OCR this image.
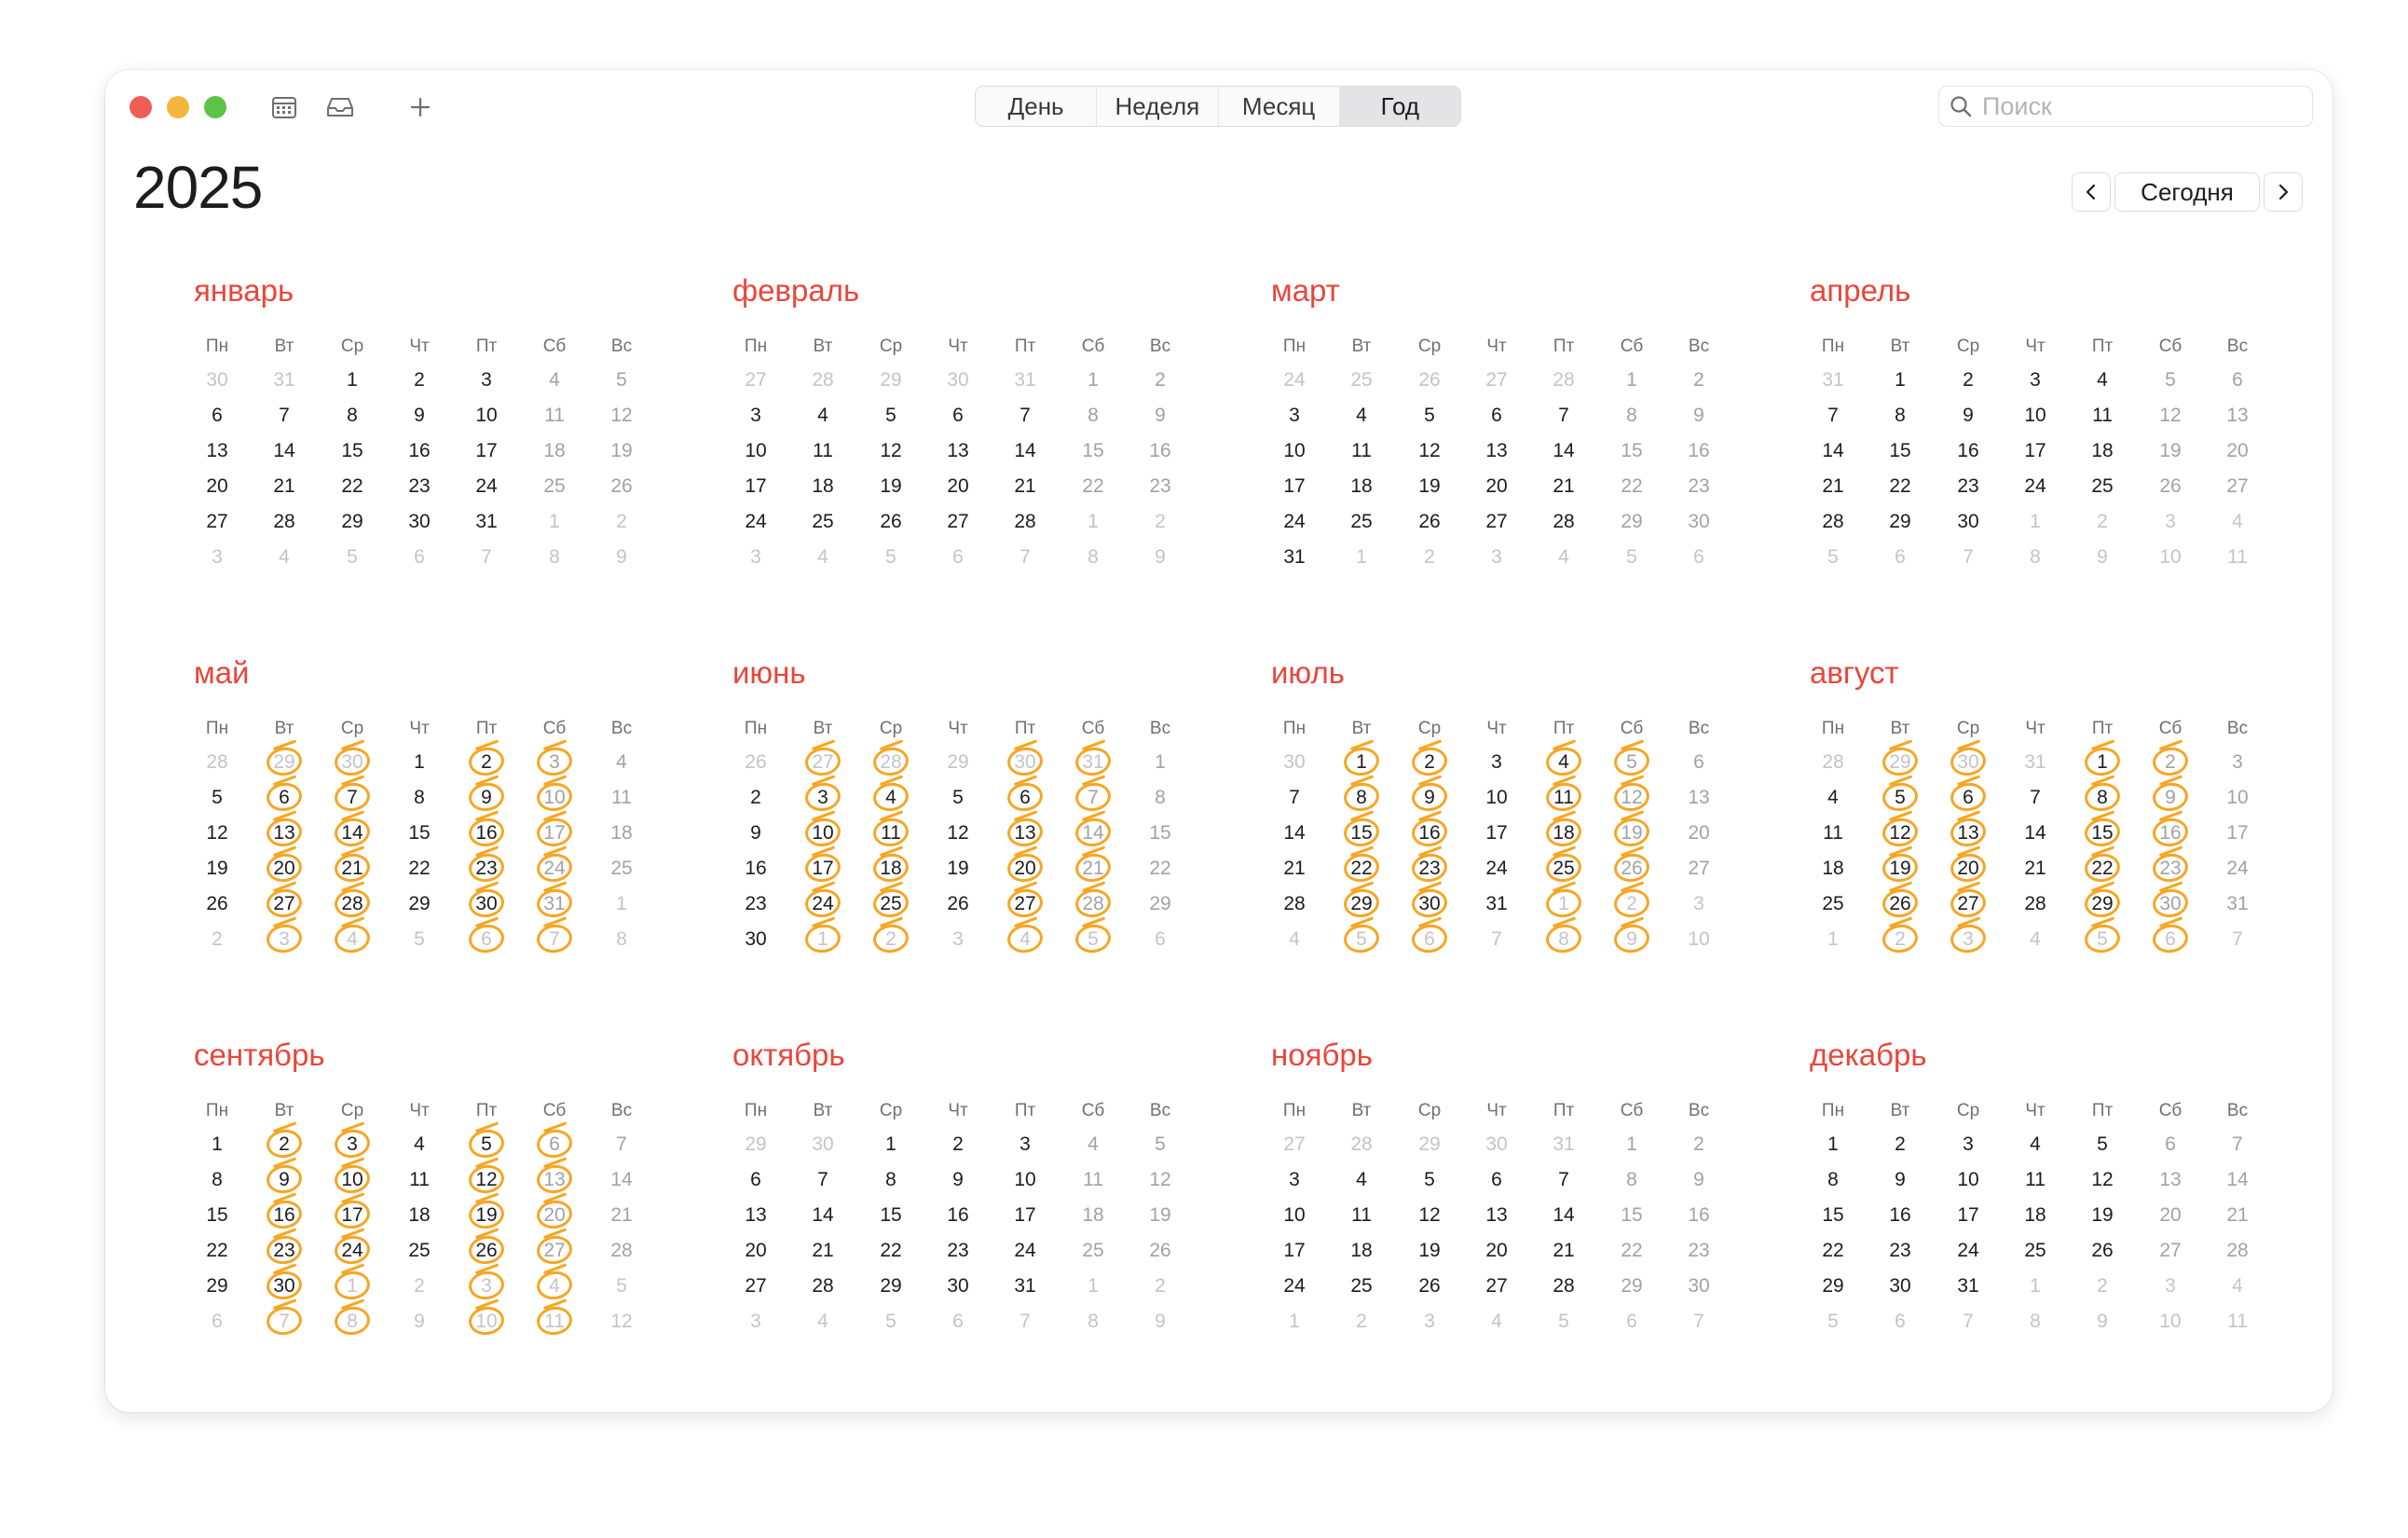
День	Неделя	Месяц	Год
Поиск
2025	Сегодня
январь
Пн	Вт	Ср	Чт	Пт	Сб	Вс
30	31	1	2	3	4	5
6	7	8	9	10	11	12
13	14	15	16	17	18	19
20	21	22	23	24	25	26
27	28	29	30	31	1	2
3	4	5	6	7	8	9
февраль
Пн	Вт	Ср	Чт	Пт	Сб	Вс
27	28	29	30	31	1	2
3	4	5	6	7	8	9
10	11	12	13	14	15	16
17	18	19	20	21	22	23
24	25	26	27	28	1	2
3	4	5	6	7	8	9
март
Пн	Вт	Ср	Чт	Пт	Сб	Вс
24	25	26	27	28	1	2
3	4	5	6	7	8	9
10	11	12	13	14	15	16
17	18	19	20	21	22	23
24	25	26	27	28	29	30
31	1	2	3	4	5	6
апрель
Пн	Вт	Ср	Чт	Пт	Сб	Вс
31	1	2	3	4	5	6
7	8	9	10	11	12	13
14	15	16	17	18	19	20
21	22	23	24	25	26	27
28	29	30	1	2	3	4
5	6	7	8	9	10	11
май
Пн	Вт	Ср	Чт	Пт	Сб	Вс
28	29	30	1	2	3	4
5	6	7	8	9	10	11
12	13	14	15	16	17	18
19	20	21	22	23	24	25
26	27	28	29	30	31	1
2	3	4	5	6	7	8
июнь
Пн	Вт	Ср	Чт	Пт	Сб	Вс
26	27	28	29	30	31	1
2	3	4	5	6	7	8
9	10	11	12	13	14	15
16	17	18	19	20	21	22
23	24	25	26	27	28	29
30	1	2	3	4	5	6
июль
Пн	Вт	Ср	Чт	Пт	Сб	Вс
30	1	2	3	4	5	6
7	8	9	10	11	12	13
14	15	16	17	18	19	20
21	22	23	24	25	26	27
28	29	30	31	1	2	3
4	5	6	7	8	9	10
август
Пн	Вт	Ср	Чт	Пт	Сб	Вс
28	29	30	31	1	2	3
4	5	6	7	8	9	10
11	12	13	14	15	16	17
18	19	20	21	22	23	24
25	26	27	28	29	30	31
1	2	3	4	5	6	7
сентябрь
Пн	Вт	Ср	Чт	Пт	Сб	Вс
1	2	3	4	5	6	7
8	9	10	11	12	13	14
15	16	17	18	19	20	21
22	23	24	25	26	27	28
29	30	1	2	3	4	5
6	7	8	9	10	11	12
октябрь
Пн	Вт	Ср	Чт	Пт	Сб	Вс
29	30	1	2	3	4	5
6	7	8	9	10	11	12
13	14	15	16	17	18	19
20	21	22	23	24	25	26
27	28	29	30	31	1	2
3	4	5	6	7	8	9
ноябрь
Пн	Вт	Ср	Чт	Пт	Сб	Вс
27	28	29	30	31	1	2
3	4	5	6	7	8	9
10	11	12	13	14	15	16
17	18	19	20	21	22	23
24	25	26	27	28	29	30
1	2	3	4	5	6	7
декабрь
Пн	Вт	Ср	Чт	Пт	Сб	Вс
1	2	3	4	5	6	7
8	9	10	11	12	13	14
15	16	17	18	19	20	21
22	23	24	25	26	27	28
29	30	31	1	2	3	4
5	6	7	8	9	10	11
